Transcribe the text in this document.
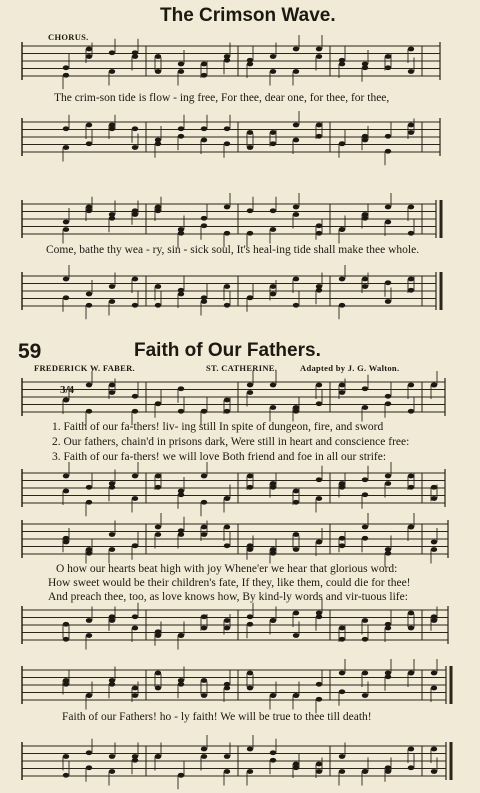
The Crimson Wave.
CHORUS.
The crim-son tide is flow - ing free, For thee, dear one, for thee, for thee,
Come, bathe thy wea - ry, sin - sick soul, It's heal-ing tide shall make thee whole.
59	Faith of Our Fathers.
FREDERICK W. FABER.	ST. CATHERINE.	Adapted by J. G. Walton.
3/4
1. Faith of our fa-thers! liv- ing still In spite of dungeon, fire, and sword
2. Our fathers, chain'd in prisons dark, Were still in heart and conscience free:
3. Faith of our fa-thers! we will love Both friend and foe in all our strife:
O how our hearts beat high with joy Whene'er we hear that glorious word:
How sweet would be their children's fate, If they, like them, could die for thee!
And preach thee, too, as love knows how, By kind-ly words and vir-tuous life:
Faith of our Fathers! ho - ly faith! We will be true to thee till death!
